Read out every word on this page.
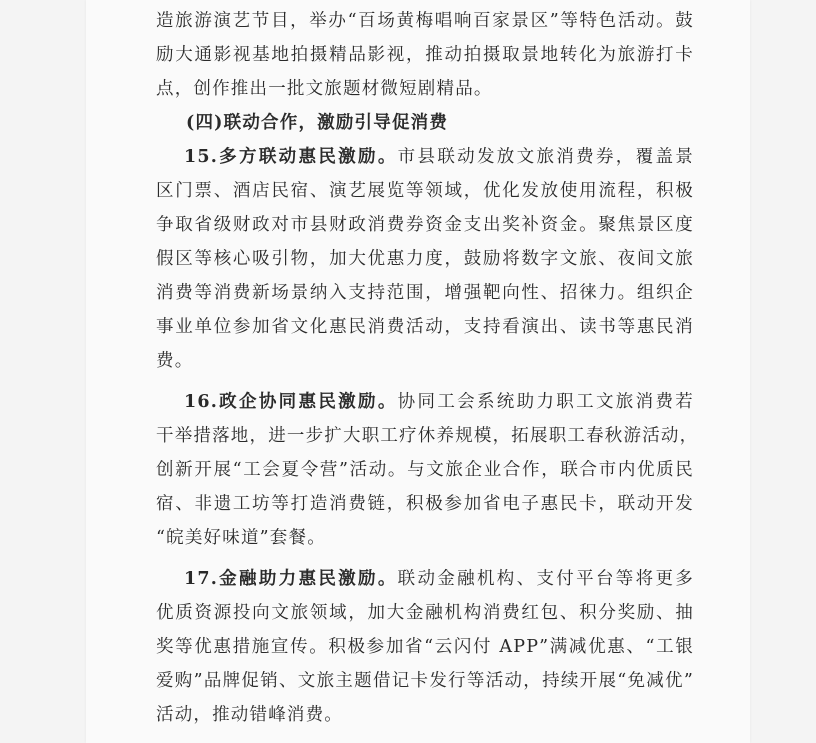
造旅游演艺节目，举办“百场黄梅唱响百家景区”等特色活动。鼓
励大通影视基地拍摄精品影视，推动拍摄取景地转化为旅游打卡
点，创作推出一批文旅题材微短剧精品。
(四)联动合作，激励引导促消费
15.多方联动惠民激励。市县联动发放文旅消费券，覆盖景
区门票、酒店民宿、演艺展览等领域，优化发放使用流程，积极
争取省级财政对市县财政消费券资金支出奖补资金。聚焦景区度
假区等核心吸引物，加大优惠力度，鼓励将数字文旅、夜间文旅
消费等消费新场景纳入支持范围，增强靶向性、招徕力。组织企
事业单位参加省文化惠民消费活动，支持看演出、读书等惠民消
费。
16.政企协同惠民激励。协同工会系统助力职工文旅消费若
干举措落地，进一步扩大职工疗休养规模，拓展职工春秋游活动，
创新开展“工会夏令营”活动。与文旅企业合作，联合市内优质民
宿、非遗工坊等打造消费链，积极参加省电子惠民卡，联动开发
“皖美好味道”套餐。
17.金融助力惠民激励。联动金融机构、支付平台等将更多
优质资源投向文旅领域，加大金融机构消费红包、积分奖励、抽
奖等优惠措施宣传。积极参加省“云闪付 APP”满减优惠、“工银
爱购”品牌促销、文旅主题借记卡发行等活动，持续开展“免减优”
活动，推动错峰消费。
